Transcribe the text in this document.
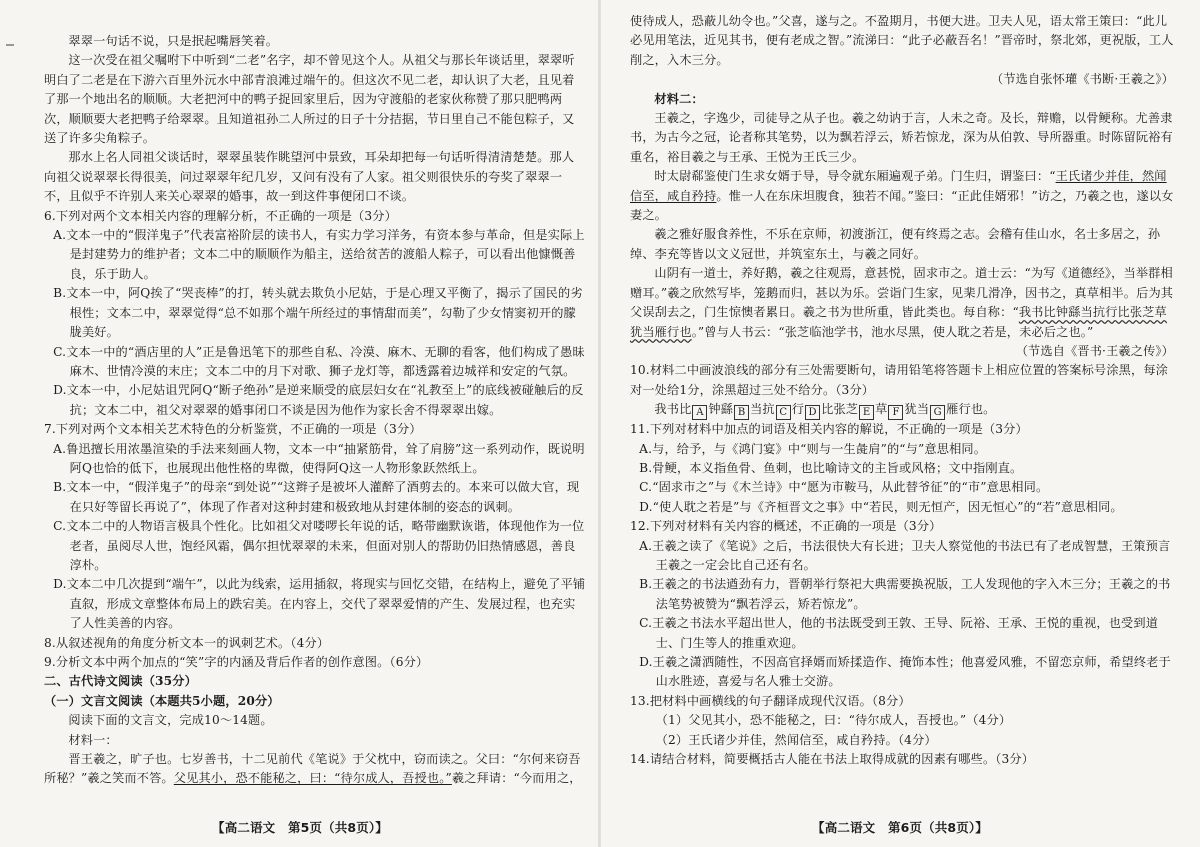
翠翠一句话不说，只是抿起嘴唇笑着。

这一次受在祖父嘱咐下中听到“二老”名字，却不曾见这个人。从祖父与那长年谈话里，翠翠听明白了二老是在下游六百里外沅水中部青浪滩过端午的。但这次不见二老，却认识了大老，且见着了那一个地出名的顺顺。大老把河中的鸭子捉回家里后，因为守渡船的老家伙称赞了那只肥鸭两次，顺顺要大老把鸭子给翠翠。且知道祖孙二人所过的日子十分拮据，节日里自己不能包粽子，又送了许多尖角粽子。

那水上名人同祖父谈话时，翠翠虽装作眺望河中景致，耳朵却把每一句话听得清清楚楚。那人向祖父说翠翠长得很美，问过翠翠年纪几岁，又问有没有了人家。祖父则很快乐的夸奖了翠翠一不，且似乎不许别人来关心翠翠的婚事，故一到这件事便闭口不谈。

6.下列对两个文本相关内容的理解分析，不正确的一项是（3分）

A.文本一中的“假洋鬼子”代表富裕阶层的读书人，有实力学习洋务，有资本参与革命，但是实际上是封建势力的维护者；文本二中的顺顺作为船主，送给贫苦的渡船人粽子，可以看出他慷慨善良，乐于助人。

B.文本一中，阿Q挨了“哭丧棒”的打，转头就去欺负小尼姑，于是心理又平衡了，揭示了国民的劣根性；文本二中，翠翠觉得“总不如那个端午所经过的事情甜而美”，勾勒了少女情窦初开的朦胧美好。

C.文本一中的“酒店里的人”正是鲁迅笔下的那些自私、冷漠、麻木、无聊的看客，他们构成了愚昧麻木、世情冷漠的末庄；文本二中的月下对歌、狮子龙灯等，都透露着边城祥和安定的气氛。

D.文本一中，小尼姑诅咒阿Q“断子绝孙”是逆来顺受的底层妇女在“礼教至上”的底线被碰触后的反抗；文本二中，祖父对翠翠的婚事闭口不谈是因为他作为家长舍不得翠翠出嫁。

7.下列对两个文本相关艺术特色的分析鉴赏，不正确的一项是（3分）

A.鲁迅擅长用浓墨渲染的手法来刻画人物，文本一中“抽紧筋骨，耸了肩膀”这一系列动作，既说明阿Q也恰的低下，也展现出他性格的卑微，使得阿Q这一人物形象跃然纸上。

B.文本一中，“假洋鬼子”的母亲“到处说”“这辫子是被坏人灌醉了酒剪去的。本来可以做大官，现在只好等留长再说了”，体现了作者对这种封建和极致地从封建体制的姿态的讽刺。

C.文本二中的人物语言极具个性化。比如祖父对喽啰长年说的话，略带幽默诙谐，体现他作为一位老者，虽阅尽人世，饱经风霜，偶尔担忧翠翠的未来，但面对别人的帮助仍旧热情感恩，善良淳朴。

D.文本二中几次提到“端午”，以此为线索，运用插叙，将现实与回忆交错，在结构上，避免了平铺直叙，形成文章整体布局上的跌宕美。在内容上，交代了翠翠爱情的产生、发展过程，也充实了人性美善的内容。

8.从叙述视角的角度分析文本一的讽刺艺术。（4分）

9.分析文本中两个加点的“笑”字的内涵及背后作者的创作意图。（6分）

二、古代诗文阅读（35分）

（一）文言文阅读（本题共5小题，20分）

阅读下面的文言文，完成10～14题。

材料一：

晋王羲之，旷子也。七岁善书，十二见前代《笔说》于父枕中，窃而读之。父曰：“尔何来窃吾所秘？”羲之笑而不答。父见其小，恐不能秘之，曰：“待尔成人，吾授也。”羲之拜请：“今而用之，

【高二语文　第5页（共8页）】

使待成人，恐蔽儿幼令也。”父喜，遂与之。不盈期月，书便大进。卫夫人见，语太常王策曰：“此儿必见用笔法，近见其书，便有老成之智。”流涕曰：“此子必蔽吾名！”晋帝时，祭北郊，更祝版，工人削之，入木三分。

（节选自张怀瓘《书断·王羲之》）

材料二：

王羲之，字逸少，司徒导之从子也。羲之幼讷于言，人未之奇。及长，辩赡，以骨鲠称。尤善隶书，为古今之冠，论者称其笔势，以为飘若浮云，矫若惊龙，深为从伯敦、导所器重。时陈留阮裕有重名，裕目羲之与王承、王悦为王氏三少。

时太尉郗鉴使门生求女婿于导，导令就东厢遍观子弟。门生归，谓鉴曰：“王氏诸少并佳，然闻信至，咸自矜持。惟一人在东床坦腹食，独若不闻。”鉴曰：“正此佳婿邪！”访之，乃羲之也，遂以女妻之。

羲之雅好服食养性，不乐在京师，初渡浙江，便有终焉之志。会稽有佳山水，名士多居之，孙绰、李充等皆以文义冠世，并筑室东土，与羲之同好。

山阴有一道士，养好鹅，羲之往观焉，意甚悦，固求市之。道士云：“为写《道德经》，当举群相赠耳。”羲之欣然写毕，笼鹅而归，甚以为乐。尝诣门生家，见棐几滑净，因书之，真草相半。后为其父误刮去之，门生惊懊者累日。羲之书为世所重，皆此类也。每自称：“我书比钟繇当抗行比张芝草犹当雁行也。”曾与人书云：“张芝临池学书，池水尽黑，使人耽之若是，未必后之也。”

（节选自《晋书·王羲之传》）

10.材料二中画波浪线的部分有三处需要断句，请用铅笔将答题卡上相应位置的答案标号涂黑，每涂对一处给1分，涂黑超过三处不给分。（3分）

我书比 A 钟繇 B 当抗 C 行 D 比张芝 E 草 F 犹当 G 雁行也。

11.下列对材料中加点的词语及相关内容的解说，不正确的一项是（3分）

A.与，给予，与《鸿门宴》中“则与一生彘肩”的“与”意思相同。

B.骨鲠，本义指鱼骨、鱼刺，也比喻诗文的主旨或风格；文中指刚直。

C.“固求市之”与《木兰诗》中“愿为市鞍马，从此替爷征”的“市”意思相同。

D.“使人耽之若是”与《齐桓晋文之事》中“若民，则无恒产，因无恒心”的“若”意思相同。

12.下列对材料有关内容的概述，不正确的一项是（3分）

A.王羲之读了《笔说》之后，书法很快大有长进；卫夫人察觉他的书法已有了老成智慧，王策预言王羲之一定会比自己还有名。

B.王羲之的书法遒劲有力，晋朝举行祭祀大典需要换祝版，工人发现他的字入木三分；王羲之的书法笔势被赞为“飘若浮云，矫若惊龙”。

C.王羲之书法水平超出世人，他的书法既受到王敦、王导、阮裕、王承、王悦的重视，也受到道士、门生等人的推重欢迎。

D.王羲之潇洒随性，不因高官择婿而矫揉造作、掩饰本性；他喜爱风雅，不留恋京师，希望终老于山水胜迹，喜爱与名人雅士交游。

13.把材料中画横线的句子翻译成现代汉语。（8分）

（1）父见其小，恐不能秘之，曰：“待尔成人，吾授也。”（4分）

（2）王氏诸少并佳，然闻信至，咸自矜持。（4分）

14.请结合材料，简要概括古人能在书法上取得成就的因素有哪些。（3分）

【高二语文　第6页（共8页）】
